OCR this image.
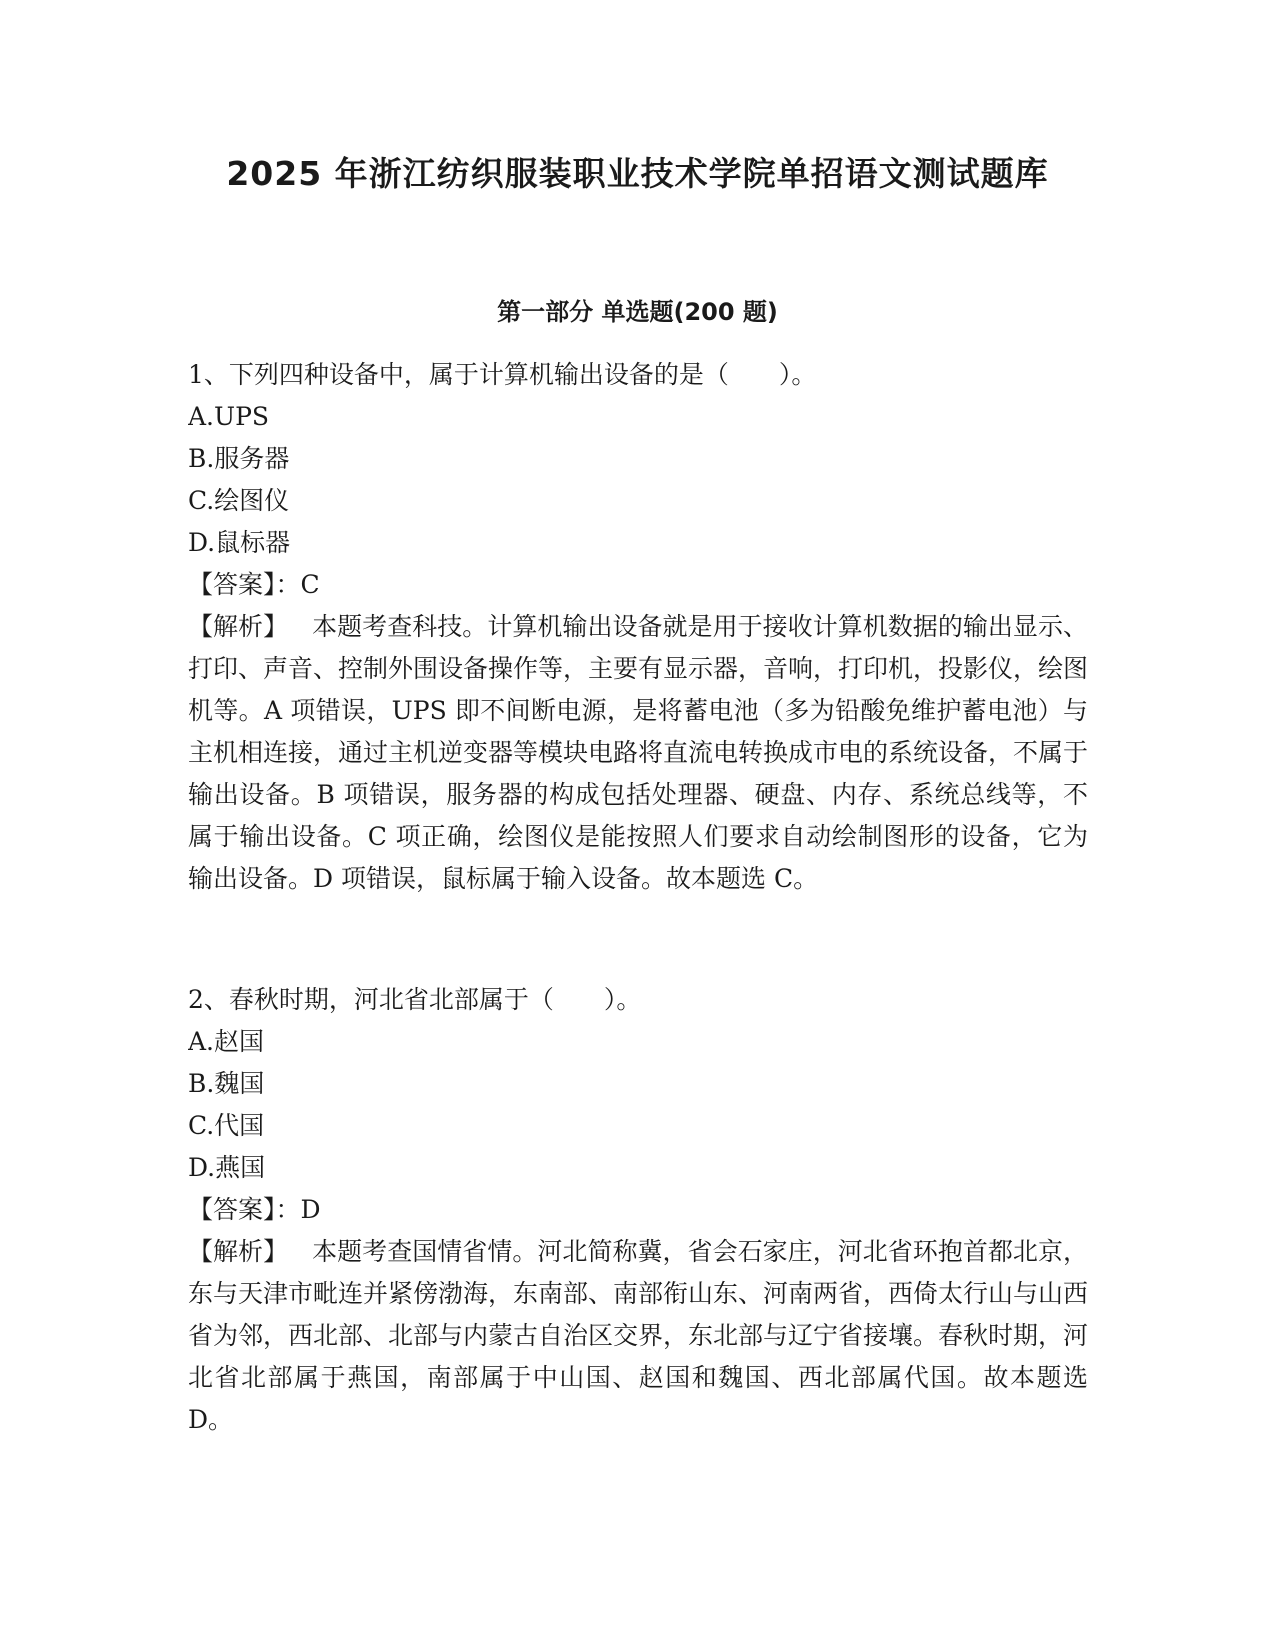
2025 年浙江纺织服装职业技术学院单招语文测试题库
第一部分 单选题(200 题)
1、下列四种设备中，属于计算机输出设备的是（　　）。
A.UPS
B.服务器
C.绘图仪
D.鼠标器
【答案】：C
【解析】 本题考查科技。计算机输出设备就是用于接收计算机数据的输出显示、打印、声音、控制外围设备操作等，主要有显示器，音响，打印机，投影仪，绘图机等。A 项错误，UPS 即不间断电源，是将蓄电池（多为铅酸免维护蓄电池）与主机相连接，通过主机逆变器等模块电路将直流电转换成市电的系统设备，不属于输出设备。B 项错误，服务器的构成包括处理器、硬盘、内存、系统总线等，不属于输出设备。C 项正确，绘图仪是能按照人们要求自动绘制图形的设备，它为输出设备。D 项错误，鼠标属于输入设备。故本题选 C。
2、春秋时期，河北省北部属于（　　）。
A.赵国
B.魏国
C.代国
D.燕国
【答案】：D
【解析】 本题考查国情省情。河北简称冀，省会石家庄，河北省环抱首都北京，东与天津市毗连并紧傍渤海，东南部、南部衔山东、河南两省，西倚太行山与山西省为邻，西北部、北部与内蒙古自治区交界，东北部与辽宁省接壤。春秋时期，河北省北部属于燕国，南部属于中山国、赵国和魏国、西北部属代国。故本题选 D。
